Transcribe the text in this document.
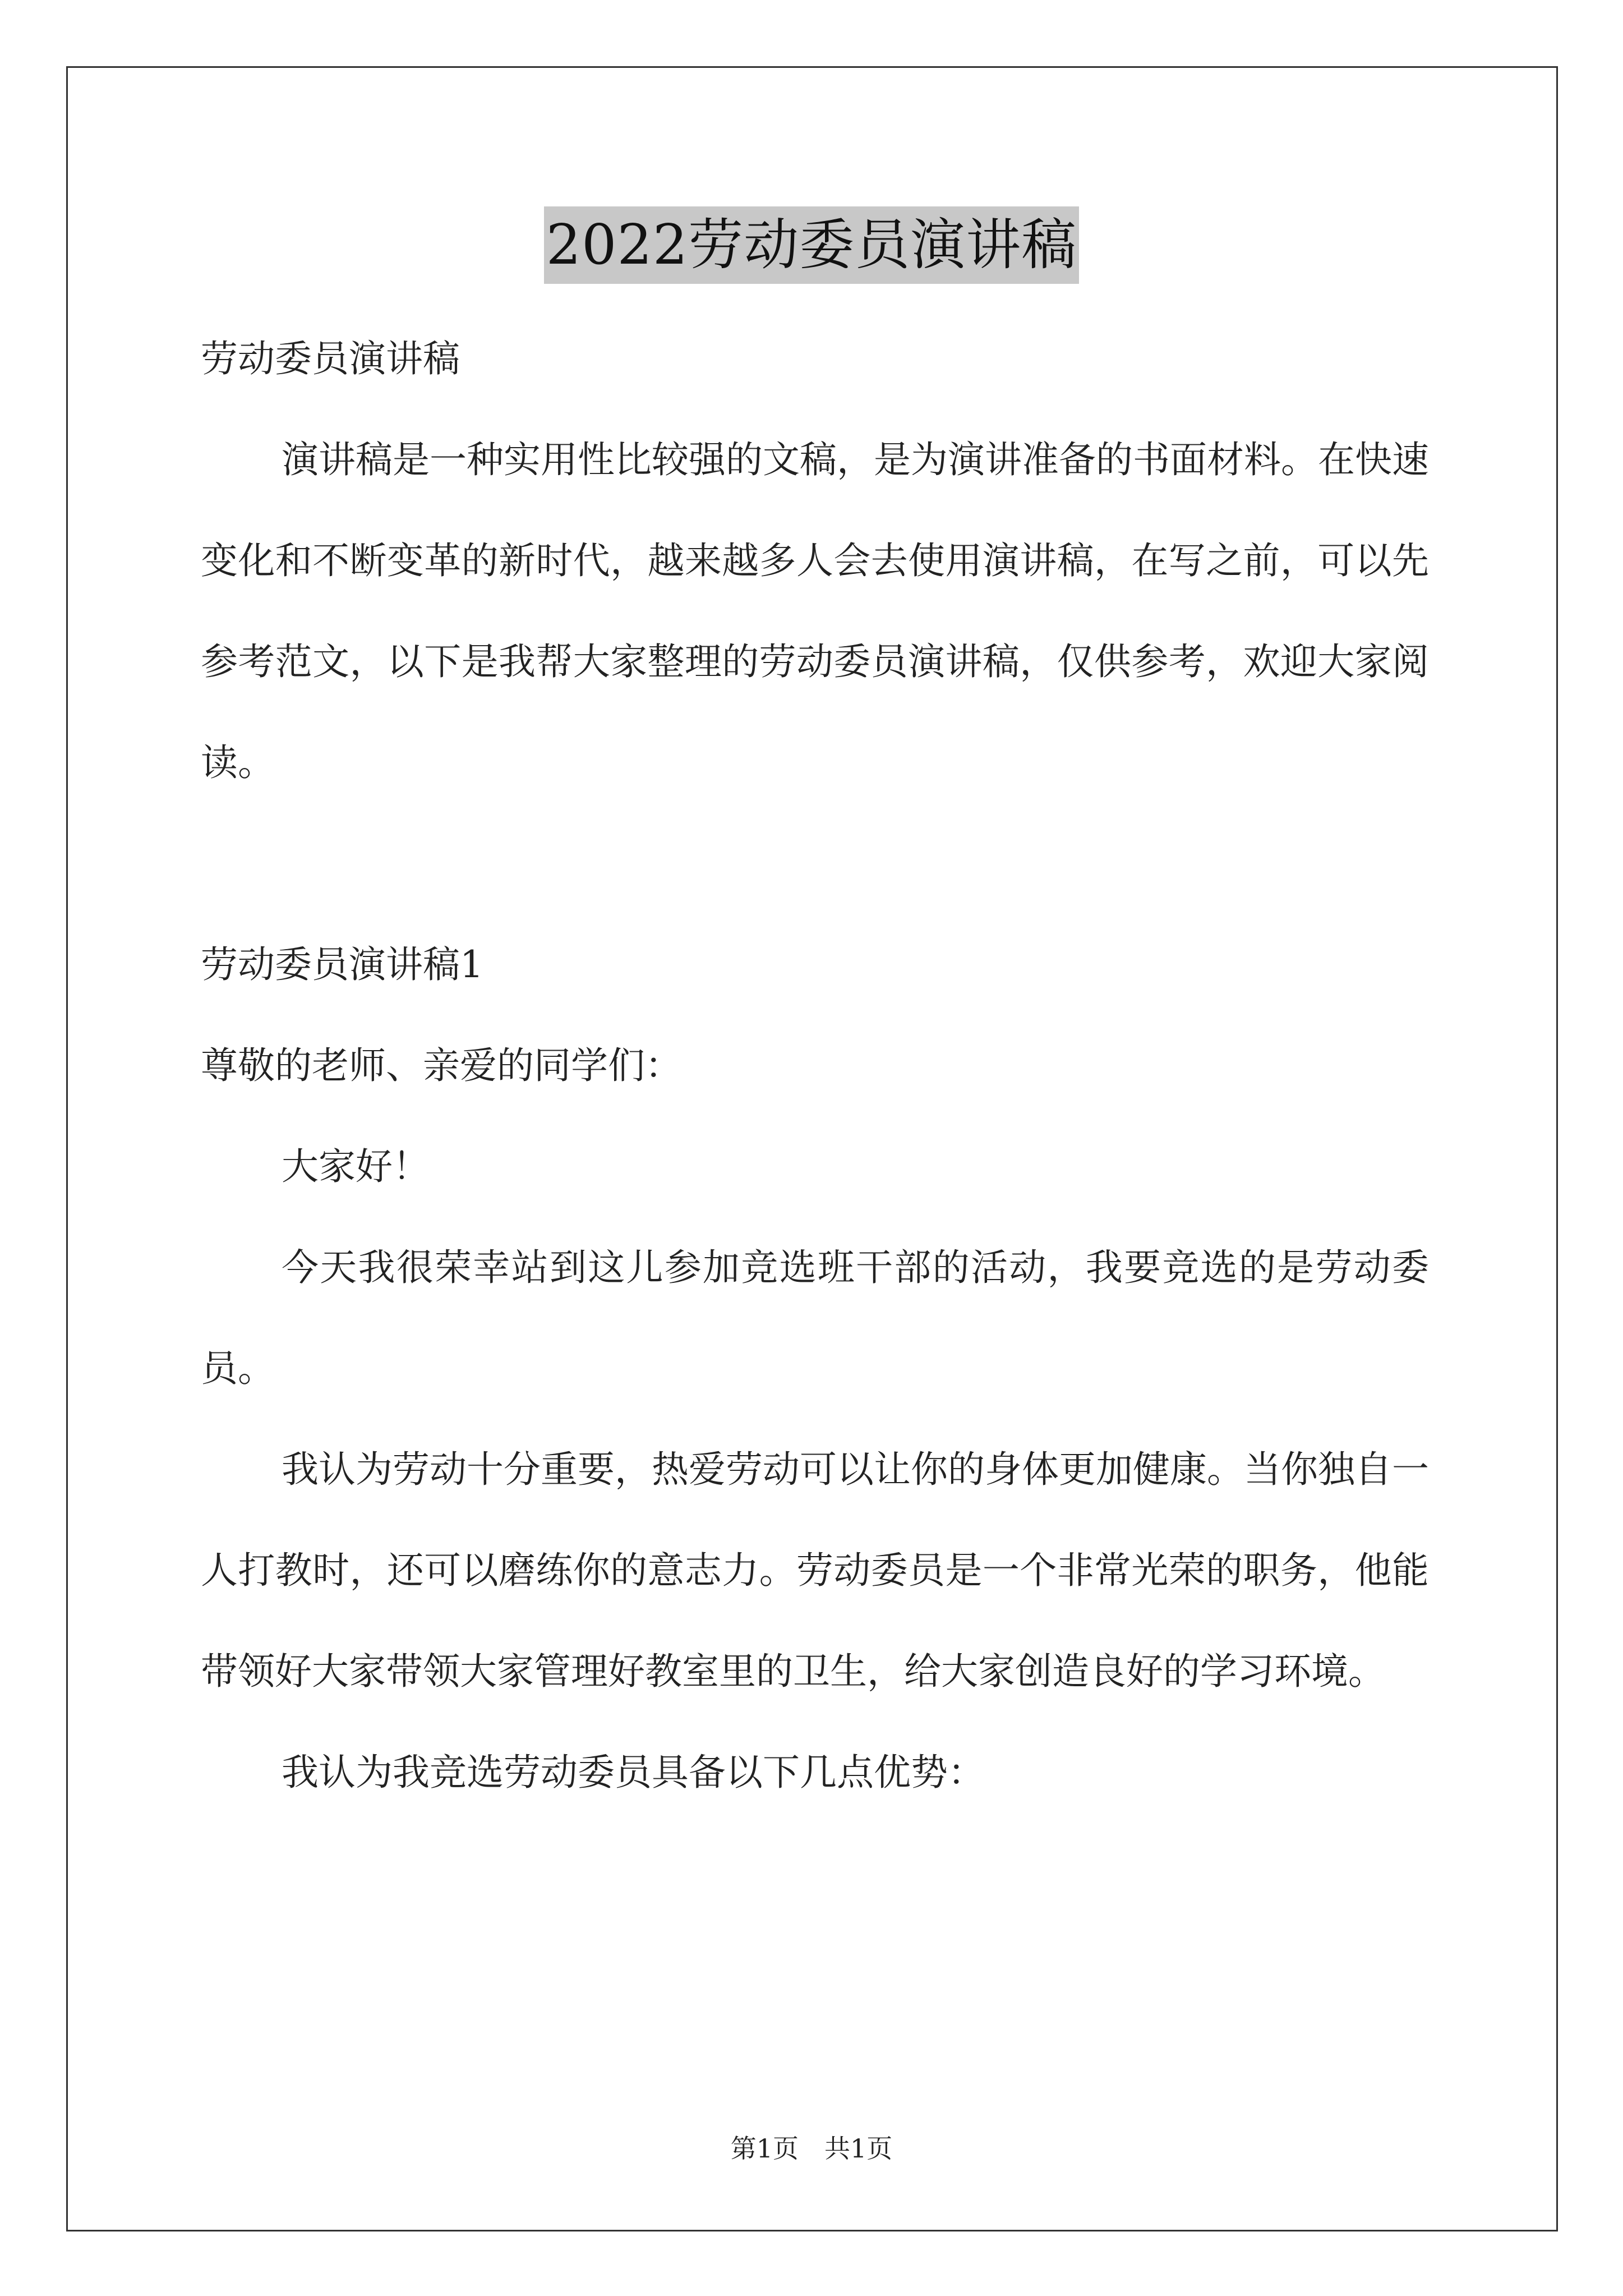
2022劳动委员演讲稿

劳动委员演讲稿

演讲稿是一种实用性比较强的文稿，是为演讲准备的书面材料。在快速变化和不断变革的新时代，越来越多人会去使用演讲稿，在写之前，可以先参考范文，以下是我帮大家整理的劳动委员演讲稿，仅供参考，欢迎大家阅读。

劳动委员演讲稿1

尊敬的老师、亲爱的同学们：

大家好！

今天我很荣幸站到这儿参加竞选班干部的活动，我要竞选的是劳动委员。

我认为劳动十分重要，热爱劳动可以让你的身体更加健康。当你独自一人打教时，还可以磨练你的意志力。劳动委员是一个非常光荣的职务，他能带领好大家带领大家管理好教室里的卫生，给大家创造良好的学习环境。

我认为我竞选劳动委员具备以下几点优势：

第1页　共1页
